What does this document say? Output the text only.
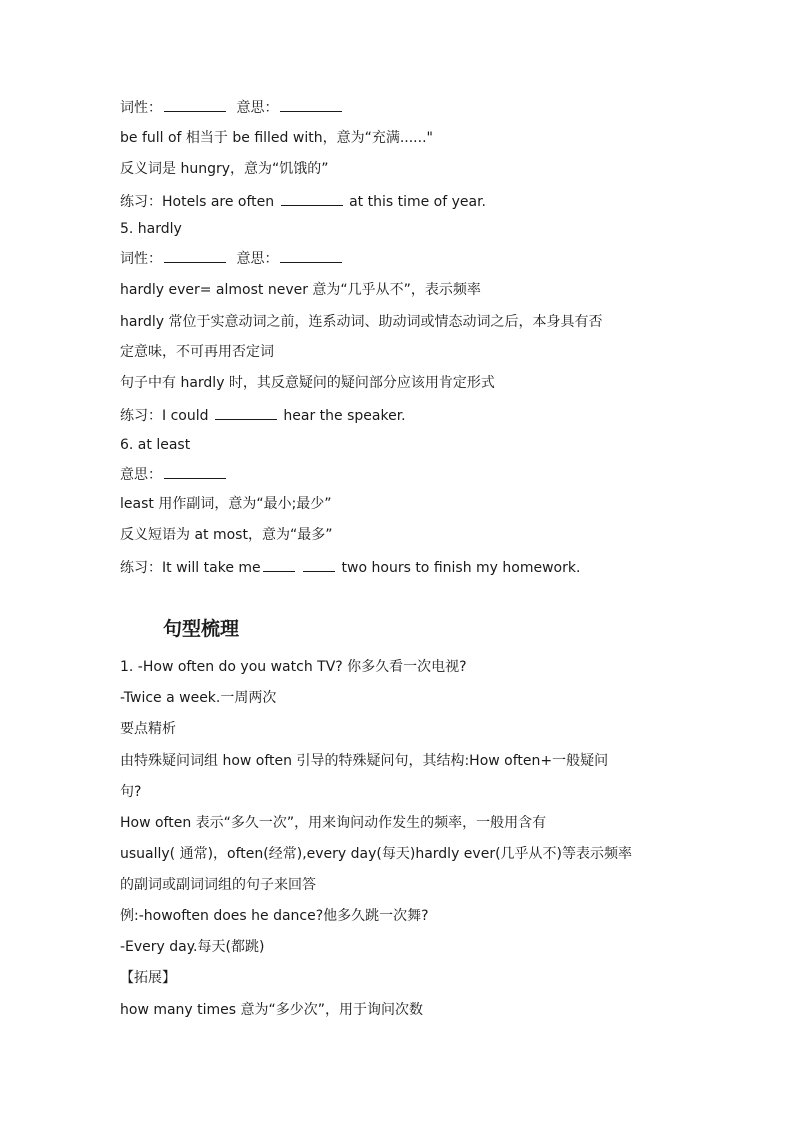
词性：	意思：
be full of 相当于 be filled with，意为“充满......"
反义词是 hungry，意为“饥饿的”
练习：Hotels are often	at this time of year.
5. hardly
词性：	意思：
hardly ever= almost never 意为“几乎从不”，表示频率
hardly 常位于实意动词之前，连系动词、助动词或情态动词之后，本身具有否
定意味，不可再用否定词
句子中有 hardly 时，其反意疑问的疑问部分应该用肯定形式
练习：I could	hear the speaker.
6. at least
意思：
least 用作副词，意为“最小;最少”
反义短语为 at most，意为“最多”
练习：It will take me	two hours to finish my homework.
句型梳理
1. -How often do you watch TV? 你多久看一次电视?
-Twice a week.一周两次
要点精析
由特殊疑问词组 how often 引导的特殊疑问句，其结构:How often+一般疑问
句?
How often 表示“多久一次”，用来询问动作发生的频率，一般用含有
usually( 通常)，often(经常),every day(每天)hardly ever(几乎从不)等表示频率
的副词或副词词组的句子来回答
例:-howoften does he dance?他多久跳一次舞?
-Every day.每天(都跳)
【拓展】
how many times 意为“多少次”，用于询问次数
